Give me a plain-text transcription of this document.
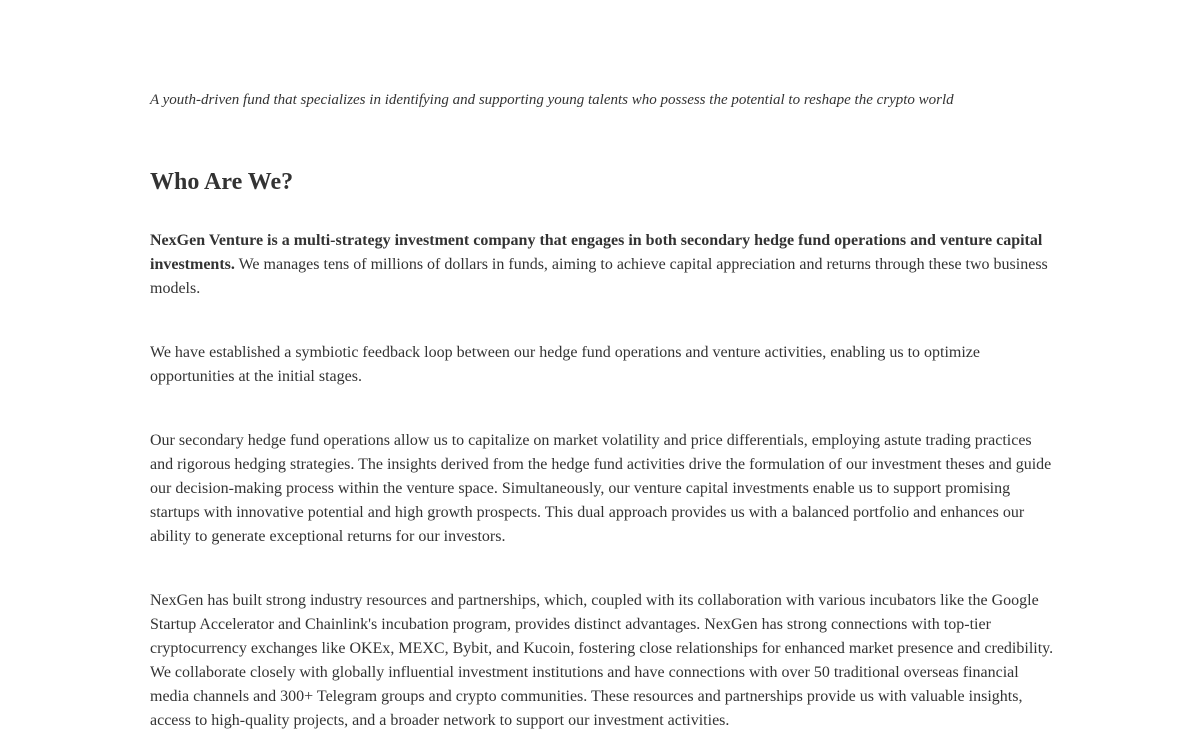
A youth-driven fund that specializes in identifying and supporting young talents who possess the potential to reshape the crypto world

Who Are We?

NexGen Venture is a multi-strategy investment company that engages in both secondary hedge fund operations and venture capital investments. We manages tens of millions of dollars in funds, aiming to achieve capital appreciation and returns through these two business models.

We have established a symbiotic feedback loop between our hedge fund operations and venture activities, enabling us to optimize opportunities at the initial stages.

Our secondary hedge fund operations allow us to capitalize on market volatility and price differentials, employing astute trading practices and rigorous hedging strategies. The insights derived from the hedge fund activities drive the formulation of our investment theses and guide our decision-making process within the venture space. Simultaneously, our venture capital investments enable us to support promising startups with innovative potential and high growth prospects. This dual approach provides us with a balanced portfolio and enhances our ability to generate exceptional returns for our investors.

NexGen has built strong industry resources and partnerships, which, coupled with its collaboration with various incubators like the Google Startup Accelerator and Chainlink's incubation program, provides distinct advantages. NexGen has strong connections with top-tier cryptocurrency exchanges like OKEx, MEXC, Bybit, and Kucoin, fostering close relationships for enhanced market presence and credibility. We collaborate closely with globally influential investment institutions and have connections with over 50 traditional overseas financial media channels and 300+ Telegram groups and crypto communities. These resources and partnerships provide us with valuable insights, access to high-quality projects, and a broader network to support our investment activities.
